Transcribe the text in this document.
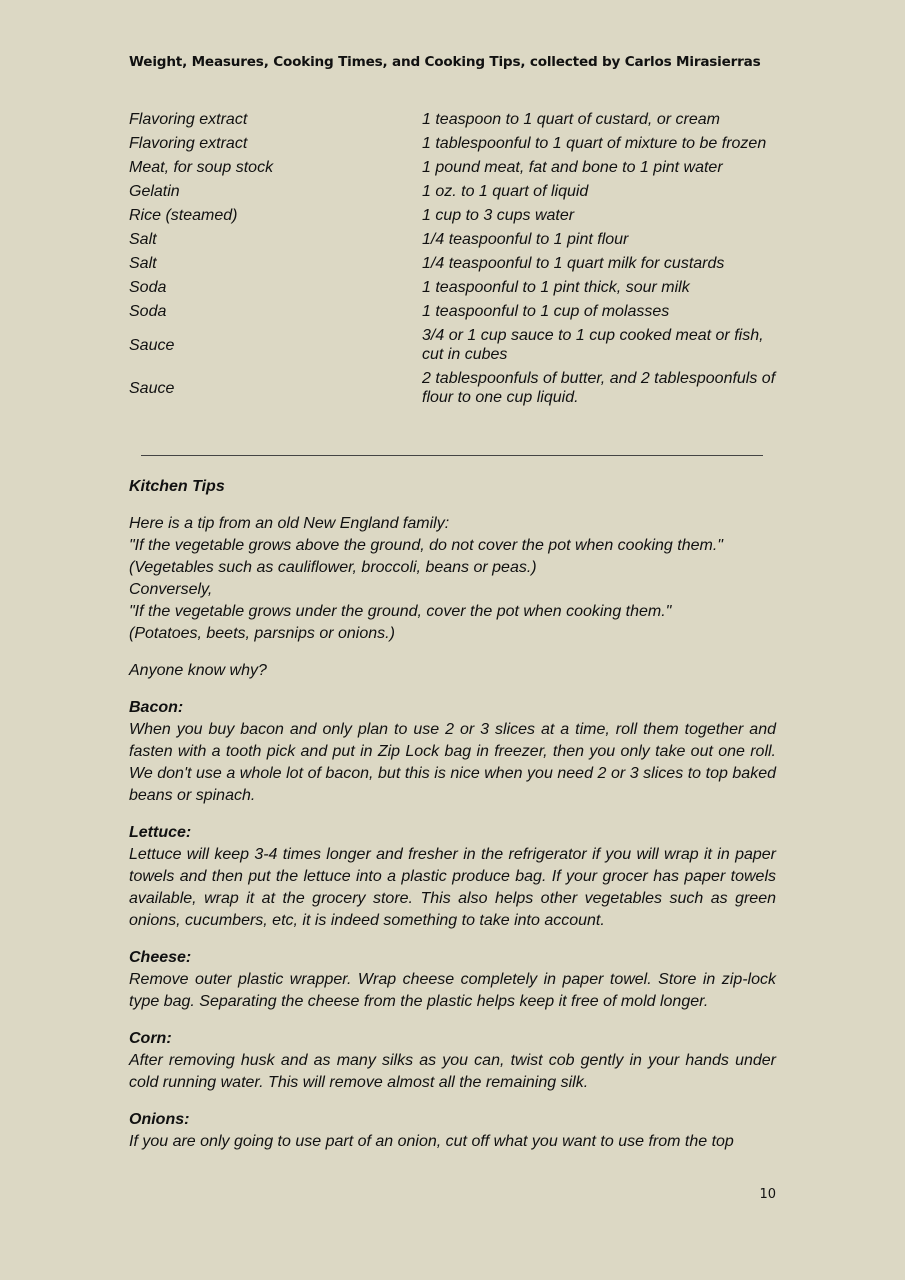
Weight, Measures, Cooking Times, and Cooking Tips, collected by Carlos Mirasierras
Flavoring extract	1 teaspoon to 1 quart of custard, or cream
Flavoring extract	1 tablespoonful to 1 quart of mixture to be frozen
Meat, for soup stock	1 pound meat, fat and bone to 1 pint water
Gelatin	1 oz. to 1 quart of liquid
Rice (steamed)	1 cup to 3 cups water
Salt	1/4 teaspoonful to 1 pint flour
Salt	1/4 teaspoonful to 1 quart milk for custards
Soda	1 teaspoonful to 1 pint thick, sour milk
Soda	1 teaspoonful to 1 cup of molasses
Sauce	3/4 or 1 cup sauce to 1 cup cooked meat or fish, cut in cubes
Sauce	2 tablespoonfuls of butter, and 2 tablespoonfuls of flour to one cup liquid.
Kitchen Tips

Here is a tip from an old New England family:
"If the vegetable grows above the ground, do not cover the pot when cooking them."
(Vegetables such as cauliflower, broccoli, beans or peas.)
Conversely,
"If the vegetable grows under the ground, cover the pot when cooking them."
(Potatoes, beets, parsnips or onions.)

Anyone know why?

Bacon:
When you buy bacon and only plan to use 2 or 3 slices at a time, roll them together and fasten with a tooth pick and put in Zip Lock bag in freezer, then you only take out one roll. We don't use a whole lot of bacon, but this is nice when you need 2 or 3 slices to top baked beans or spinach.
Lettuce:
Lettuce will keep 3-4 times longer and fresher in the refrigerator if you will wrap it in paper towels and then put the lettuce into a plastic produce bag. If your grocer has paper towels available, wrap it at the grocery store. This also helps other vegetables such as green onions, cucumbers, etc, it is indeed something to take into account.
Cheese:
Remove outer plastic wrapper. Wrap cheese completely in paper towel. Store in zip-lock type bag. Separating the cheese from the plastic helps keep it free of mold longer.
Corn:
After removing husk and as many silks as you can, twist cob gently in your hands under cold running water. This will remove almost all the remaining silk.
Onions:
If you are only going to use part of an onion, cut off what you want to use from the top
10
